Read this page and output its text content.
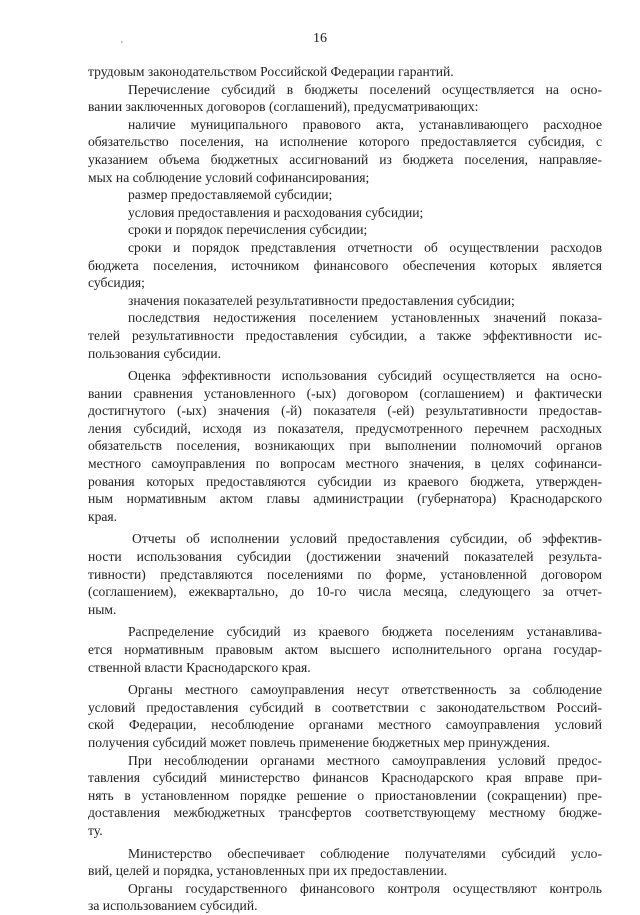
'	16
трудовым законодательством Российской Федерации гарантий.
Перечисление субсидий в бюджеты поселений осуществляется на осно-
вании заключенных договоров (соглашений), предусматривающих:
наличие муниципального правового акта, устанавливающего расходное
обязательство поселения, на исполнение которого предоставляется субсидия, с
указанием объема бюджетных ассигнований из бюджета поселения, направляе-
мых на соблюдение условий софинансирования;
размер предоставляемой субсидии;
условия предоставления и расходования субсидии;
сроки и порядок перечисления субсидии;
сроки и порядок представления отчетности об осуществлении расходов
бюджета поселения, источником финансового обеспечения которых является
субсидия;
значения показателей результативности предоставления субсидии;
последствия недостижения поселением установленных значений показа-
телей результативности предоставления субсидии, а также эффективности ис-
пользования субсидии.
Оценка эффективности использования субсидий осуществляется на осно-
вании сравнения установленного (-ых) договором (соглашением) и фактически
достигнутого (-ых) значения (-й) показателя (-ей) результативности предостав-
ления субсидий, исходя из показателя, предусмотренного перечнем расходных
обязательств поселения, возникающих при выполнении полномочий органов
местного самоуправления по вопросам местного значения, в целях софинанси-
рования которых предоставляются субсидии из краевого бюджета, утвержден-
ным нормативным актом главы администрации (губернатора) Краснодарского
края.
Отчеты об исполнении условий предоставления субсидии, об эффектив-
ности использования субсидии (достижении значений показателей результа-
тивности) представляются поселениями по форме, установленной договором
(соглашением), ежеквартально, до 10-го числа месяца, следующего за отчет-
ным.
Распределение субсидий из краевого бюджета поселениям устанавлива-
ется нормативным правовым актом высшего исполнительного органа государ-
ственной власти Краснодарского края.
Органы местного самоуправления несут ответственность за соблюдение
условий предоставления субсидий в соответствии с законодательством Россий-
ской Федерации, несоблюдение органами местного самоуправления условий
получения субсидий может повлечь применение бюджетных мер принуждения.
При несоблюдении органами местного самоуправления условий предос-
тавления субсидий министерство финансов Краснодарского края вправе при-
нять в установленном порядке решение о приостановлении (сокращении) пре-
доставления межбюджетных трансфертов соответствующему местному бюдже-
ту.
Министерство обеспечивает соблюдение получателями субсидий усло-
вий, целей и порядка, установленных при их предоставлении.
Органы государственного финансового контроля осуществляют контроль
за использованием субсидий.
